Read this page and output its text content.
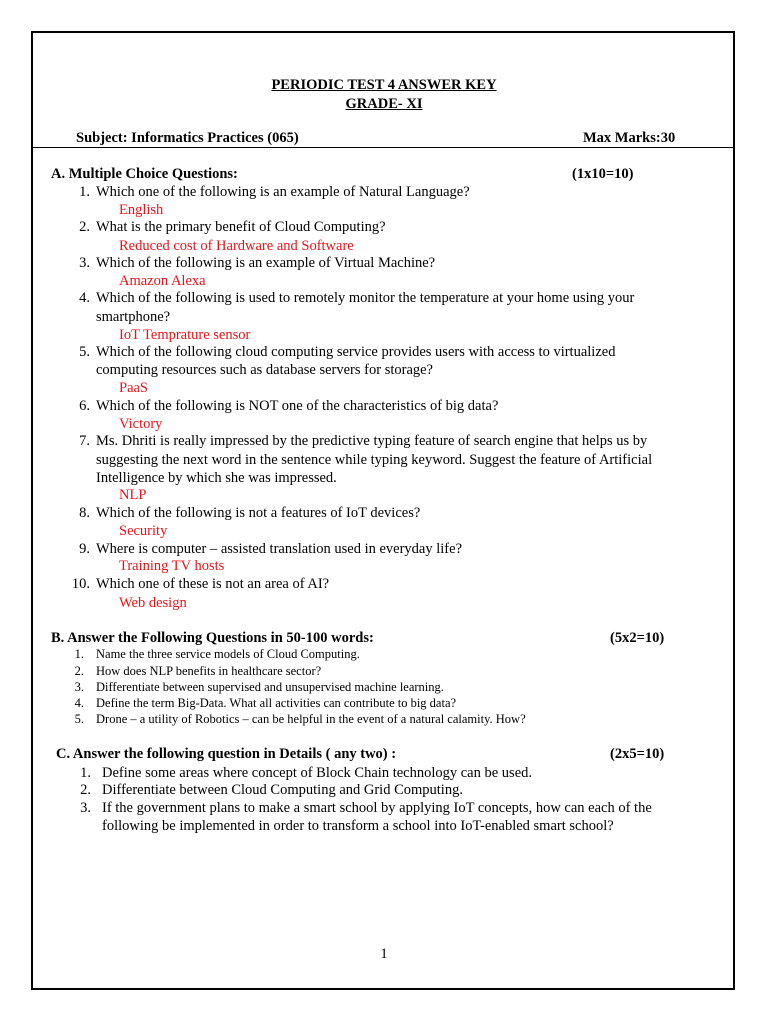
PERIODIC TEST 4 ANSWER KEY
GRADE- XI
Subject: Informatics Practices (065)	Max Marks:30
A. Multiple Choice Questions:	(1x10=10)
1. Which one of the following is an example of Natural Language?
English
2. What is the primary benefit of Cloud Computing?
Reduced cost of Hardware and Software
3. Which of the following is an example of Virtual Machine?
Amazon Alexa
4. Which of the following is used to remotely monitor the temperature at your home using your
smartphone?
IoT Temprature sensor
5. Which of the following cloud computing service provides users with access to virtualized
computing resources such as database servers for storage?
PaaS
6. Which of the following is NOT one of the characteristics of big data?
Victory
7. Ms. Dhriti is really impressed by the predictive typing feature of search engine that helps us by
suggesting the next word in the sentence while typing keyword. Suggest the feature of Artificial
Intelligence by which she was impressed.
NLP
8. Which of the following is not a features of IoT devices?
Security
9. Where is computer – assisted translation used in everyday life?
Training TV hosts
10. Which one of these is not an area of AI?
Web design
B. Answer the Following Questions in 50-100 words:	(5x2=10)
1. Name the three service models of Cloud Computing.
2. How does NLP benefits in healthcare sector?
3. Differentiate between supervised and unsupervised machine learning.
4. Define the term Big-Data. What all activities can contribute to big data?
5. Drone – a utility of Robotics – can be helpful in the event of a natural calamity. How?
C. Answer the following question in Details ( any two) :	(2x5=10)
1. Define some areas where concept of Block Chain technology can be used.
2. Differentiate between Cloud Computing and Grid Computing.
3. If the government plans to make a smart school by applying IoT concepts, how can each of the
following be implemented in order to transform a school into IoT-enabled smart school?
1
